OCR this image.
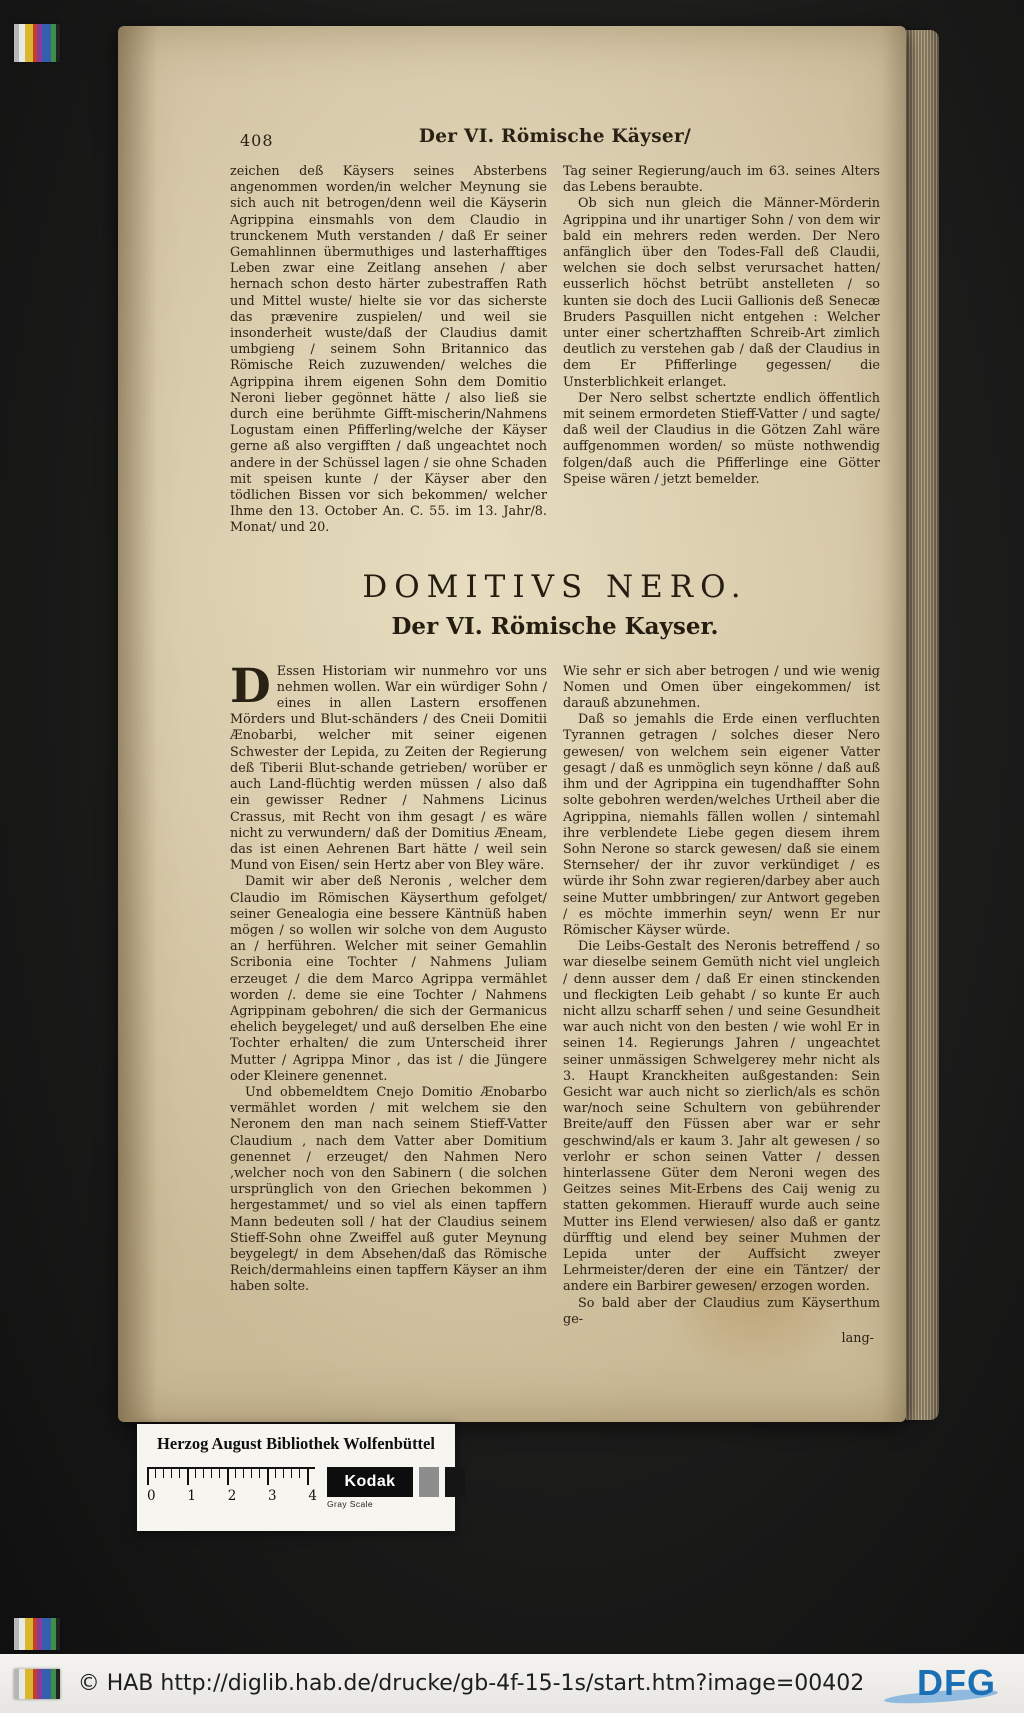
408	Der VI. Römische Käyser/

zeichen deß Käysers seines Absterbens angenommen worden/in welcher Meynung sie sich auch nit betrogen/denn weil die Käyserin Agrippina einsmahls von dem Claudio in trunckenem Muth verstanden / daß Er seiner Gemahlinnen übermuthiges und lasterhafftiges Leben zwar eine Zeitlang ansehen / aber hernach schon desto härter zubestraffen Rath und Mittel wuste/ hielte sie vor das sicherste das prævenire zuspielen/ und weil sie insonderheit wuste/daß der Claudius damit umbgieng / seinem Sohn Britannico das Römische Reich zuzuwenden/ welches die Agrippina ihrem eigenen Sohn dem Domitio Neroni lieber gegönnet hätte / also ließ sie durch eine berühmte Gifft-mischerin/Nahmens Logustam einen Pfifferling/welche der Käyser gerne aß also vergifften / daß ungeachtet noch andere in der Schüssel lagen / sie ohne Schaden mit speisen kunte / der Käyser aber den tödlichen Bissen vor sich bekommen/ welcher Ihme den 13. October An. C. 55. im 13. Jahr/8. Monat/ und 20.

Tag seiner Regierung/auch im 63. seines Alters das Lebens beraubte.

Ob sich nun gleich die Männer-Mörderin Agrippina und ihr unartiger Sohn / von dem wir bald ein mehrers reden werden. Der Nero anfänglich über den Todes-Fall deß Claudii, welchen sie doch selbst verursachet hatten/ eusserlich höchst betrübt anstelleten / so kunten sie doch des Lucii Gallionis deß Senecæ Bruders Pasquillen nicht entgehen : Welcher unter einer schertzhafften Schreib-Art zimlich deutlich zu verstehen gab / daß der Claudius in dem Er Pfifferlinge gegessen/ die Unsterblichkeit erlanget.

Der Nero selbst schertzte endlich öffentlich mit seinem ermordeten Stieff-Vatter / und sagte/ daß weil der Claudius in die Götzen Zahl wäre auffgenommen worden/ so müste nothwendig folgen/daß auch die Pfifferlinge eine Götter Speise wären / jetzt bemelder.

DOMITIVS NERO.
Der VI. Römische Kayser.

D Essen Historiam wir nunmehro vor uns nehmen wollen. War ein würdiger Sohn / eines in allen Lastern ersoffenen Mörders und Blut-schänders / des Cneii Domitii Ænobarbi, welcher mit seiner eigenen Schwester der Lepida, zu Zeiten der Regierung deß Tiberii Blut-schande getrieben/ worüber er auch Land-flüchtig werden müssen / also daß ein gewisser Redner / Nahmens Licinus Crassus, mit Recht von ihm gesagt / es wäre nicht zu verwundern/ daß der Domitius Æneam, das ist einen Aehrenen Bart hätte / weil sein Mund von Eisen/ sein Hertz aber von Bley wäre.

Damit wir aber deß Neronis , welcher dem Claudio im Römischen Käyserthum gefolget/ seiner Genealogia eine bessere Käntnüß haben mögen / so wollen wir solche von dem Augusto an / herführen. Welcher mit seiner Gemahlin Scribonia eine Tochter / Nahmens Juliam erzeuget / die dem Marco Agrippa vermählet worden /. deme sie eine Tochter / Nahmens Agrippinam gebohren/ die sich der Germanicus ehelich beygeleget/ und auß derselben Ehe eine Tochter erhalten/ die zum Unterscheid ihrer Mutter / Agrippa Minor , das ist / die Jüngere oder Kleinere genennet.

Und obbemeldtem Cnejo Domitio Ænobarbo vermählet worden / mit welchem sie den Neronem den man nach seinem Stieff-Vatter Claudium , nach dem Vatter aber Domitium genennet / erzeuget/ den Nahmen Nero ,welcher noch von den Sabinern ( die solchen ursprünglich von den Griechen bekommen ) hergestammet/ und so viel als einen tapffern Mann bedeuten soll / hat der Claudius seinem Stieff-Sohn ohne Zweiffel auß guter Meynung beygelegt/ in dem Absehen/daß das Römische Reich/dermahleins einen tapffern Käyser an ihm haben solte.

Wie sehr er sich aber betrogen / und wie wenig Nomen und Omen über eingekommen/ ist darauß abzunehmen.

Daß so jemahls die Erde einen verfluchten Tyrannen getragen / solches dieser Nero gewesen/ von welchem sein eigener Vatter gesagt / daß es unmöglich seyn könne / daß auß ihm und der Agrippina ein tugendhaffter Sohn solte gebohren werden/welches Urtheil aber die Agrippina, niemahls fällen wollen / sintemahl ihre verblendete Liebe gegen diesem ihrem Sohn Nerone so starck gewesen/ daß sie einem Sternseher/ der ihr zuvor verkündiget / es würde ihr Sohn zwar regieren/darbey aber auch seine Mutter umbbringen/ zur Antwort gegeben / es möchte immerhin seyn/ wenn Er nur Römischer Käyser würde.

Die Leibs-Gestalt des Neronis betreffend / so war dieselbe seinem Gemüth nicht viel ungleich / denn ausser dem / daß Er einen stinckenden und fleckigten Leib gehabt / so kunte Er auch nicht allzu scharff sehen / und seine Gesundheit war auch nicht von den besten / wie wohl Er in seinen 14. Regierungs Jahren / ungeachtet seiner unmässigen Schwelgerey mehr nicht als 3. Haupt Kranckheiten außgestanden: Sein Gesicht war auch nicht so zierlich/als es schön war/noch seine Schultern von gebührender Breite/auff den Füssen aber war er sehr geschwind/als er kaum 3. Jahr alt gewesen / so verlohr er schon seinen Vatter / dessen hinterlassene Güter dem Neroni wegen des Geitzes seines Mit-Erbens des Caij wenig zu statten gekommen. Hierauff wurde auch seine Mutter ins Elend verwiesen/ also daß er gantz dürfftig und elend bey seiner Muhmen der Lepida unter der Auffsicht zweyer Lehrmeister/deren der eine ein Täntzer/ der andere ein Barbirer gewesen/ erzogen worden.

So bald aber der Claudius zum Käyserthum ge-

lang-
Herzog August Bibliothek Wolfenbüttel
0 1 2 3 4
Kodak
Gray Scale
© HAB http://diglib.hab.de/drucke/gb-4f-15-1s/start.htm?image=00402	DFG
